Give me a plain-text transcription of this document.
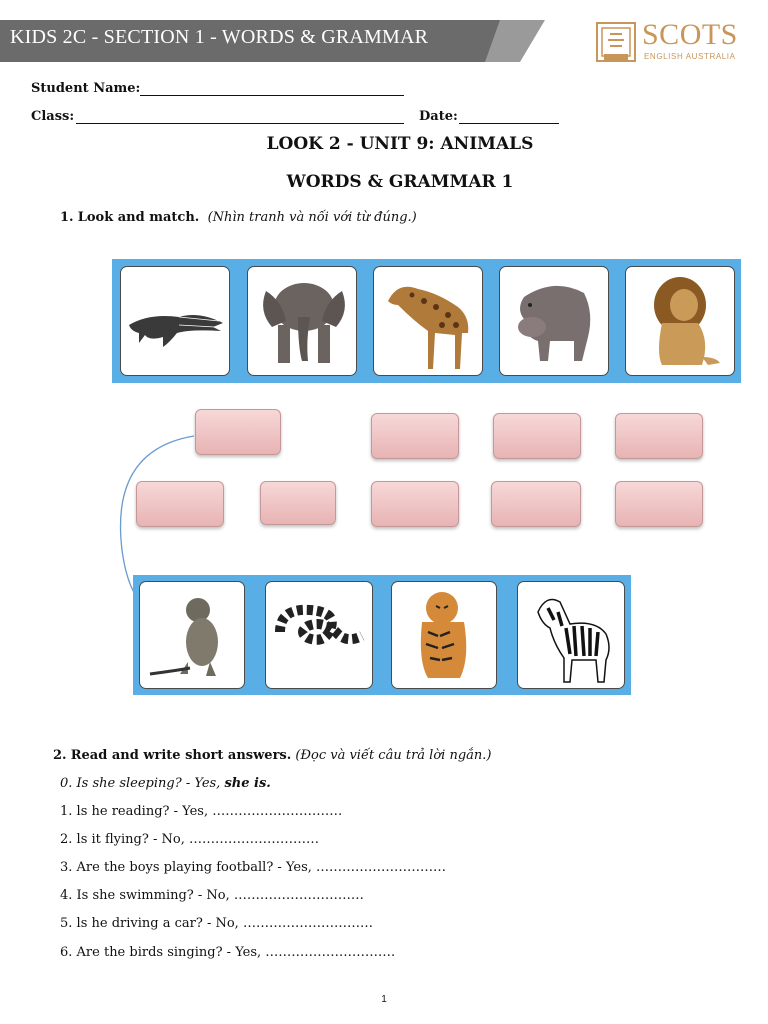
KIDS 2C - SECTION 1 - WORDS & GRAMMAR	SCOTS
ENGLISH AUSTRALIA
Student Name:
Class:	Date:
LOOK 2 - UNIT 9: ANIMALS
WORDS & GRAMMAR 1
1. Look and match. (Nhìn tranh và nối với từ đúng.)
2. Read and write short answers. (Đọc và viết câu trả lời ngắn.)
0. Is she sleeping? - Yes, she is.
1. ls he reading? - Yes, …………………………
2. ls it flying? - No, …………………………
3. Are the boys playing football? - Yes, …………………………
4. Is she swimming? - No, …………………………
5. ls he driving a car? - No, …………………………
6. Are the birds singing? - Yes, …………………………
1
